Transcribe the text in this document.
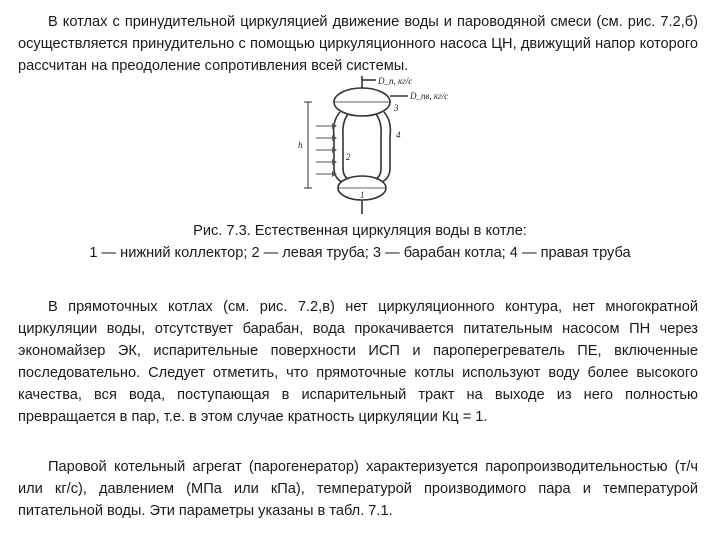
В котлах с принудительной циркуляцией движение воды и пароводяной смеси (см. рис. 7.2,б) осуществляется принудительно с помощью циркуляционного насоса ЦН, движущий напор которого рассчитан на преодоление сопротивления всей системы.
D_п, кг/с
D_пв, кг/с
3
4
2
1
h
Рис. 7.3. Естественная циркуляция воды в котле:
1 — нижний коллектор; 2 — левая труба; 3 — барабан котла; 4 — правая труба
В прямоточных котлах (см. рис. 7.2,в) нет циркуляционного контура, нет многократной циркуляции воды, отсутствует барабан, вода прокачивается питательным насосом ПН через экономайзер ЭК, испарительные поверхности ИСП и пароперегреватель ПЕ, включенные последовательно. Следует отметить, что прямоточные котлы используют воду более высокого качества, вся вода, поступающая в испарительный тракт на выходе из него полностью превращается в пар, т.е. в этом случае кратность циркуляции Кц = 1.
Паровой котельный агрегат (парогенератор) характеризуется паропроизводительностью (т/ч или кг/с), давлением (МПа или кПа), температурой производимого пара и температурой питательной воды. Эти параметры указаны в табл. 7.1.
